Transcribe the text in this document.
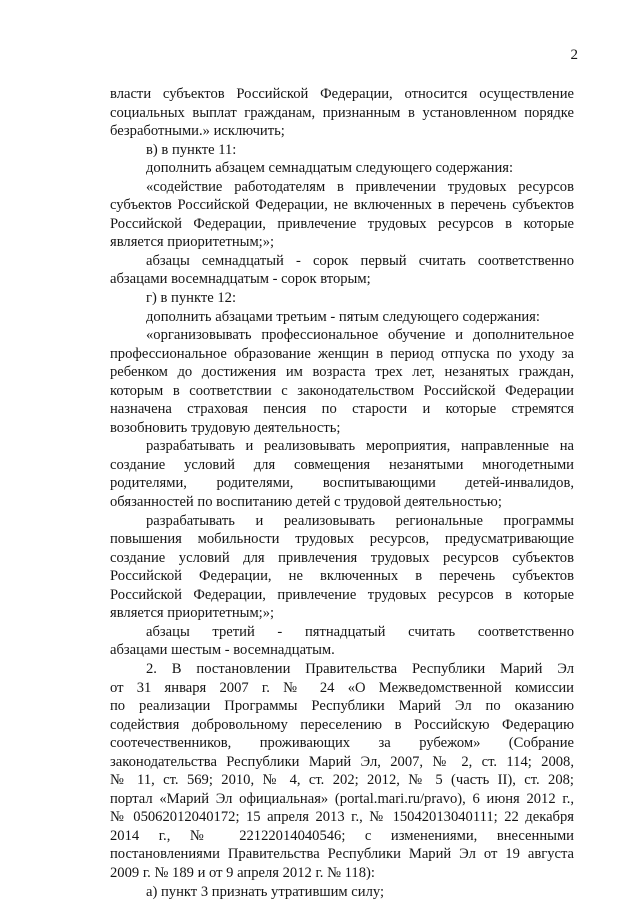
2

власти субъектов Российской Федерации, относится осуществление
социальных выплат гражданам, признанным в установленном порядке
безработными.» исключить;
в) в пункте 11:
дополнить абзацем семнадцатым следующего содержания:
«содействие работодателям в привлечении трудовых ресурсов
субъектов Российской Федерации, не включенных в перечень субъектов
Российской Федерации, привлечение трудовых ресурсов в которые
является приоритетным;»;
абзацы семнадцатый - сорок первый считать соответственно
абзацами восемнадцатым - сорок вторым;
г) в пункте 12:
дополнить абзацами третьим - пятым следующего содержания:
«организовывать профессиональное обучение и дополнительное
профессиональное образование женщин в период отпуска по уходу за
ребенком до достижения им возраста трех лет, незанятых граждан,
которым в соответствии с законодательством Российской Федерации
назначена страховая пенсия по старости и которые стремятся
возобновить трудовую деятельность;
разрабатывать и реализовывать мероприятия, направленные на
создание условий для совмещения незанятыми многодетными
родителями, родителями, воспитывающими детей-инвалидов,
обязанностей по воспитанию детей с трудовой деятельностью;
разрабатывать и реализовывать региональные программы
повышения мобильности трудовых ресурсов, предусматривающие
создание условий для привлечения трудовых ресурсов субъектов
Российской Федерации, не включенных в перечень субъектов
Российской Федерации, привлечение трудовых ресурсов в которые
является приоритетным;»;
абзацы третий - пятнадцатый считать соответственно
абзацами шестым - восемнадцатым.
2. В постановлении Правительства Республики Марий Эл
от 31 января 2007 г. № 24 «О Межведомственной комиссии
по реализации Программы Республики Марий Эл по оказанию
содействия добровольному переселению в Российскую Федерацию
соотечественников, проживающих за рубежом» (Собрание
законодательства Республики Марий Эл, 2007, № 2, ст. 114; 2008,
№ 11, ст. 569; 2010, № 4, ст. 202; 2012, № 5 (часть II), ст. 208;
портал «Марий Эл официальная» (portal.mari.ru/pravo), 6 июня 2012 г.,
№ 05062012040172; 15 апреля 2013 г., № 15042013040111; 22 декабря
2014 г., № 22122014040546; с изменениями, внесенными
постановлениями Правительства Республики Марий Эл от 19 августа
2009 г. № 189 и от 9 апреля 2012 г. № 118):
а) пункт 3 признать утратившим силу;
